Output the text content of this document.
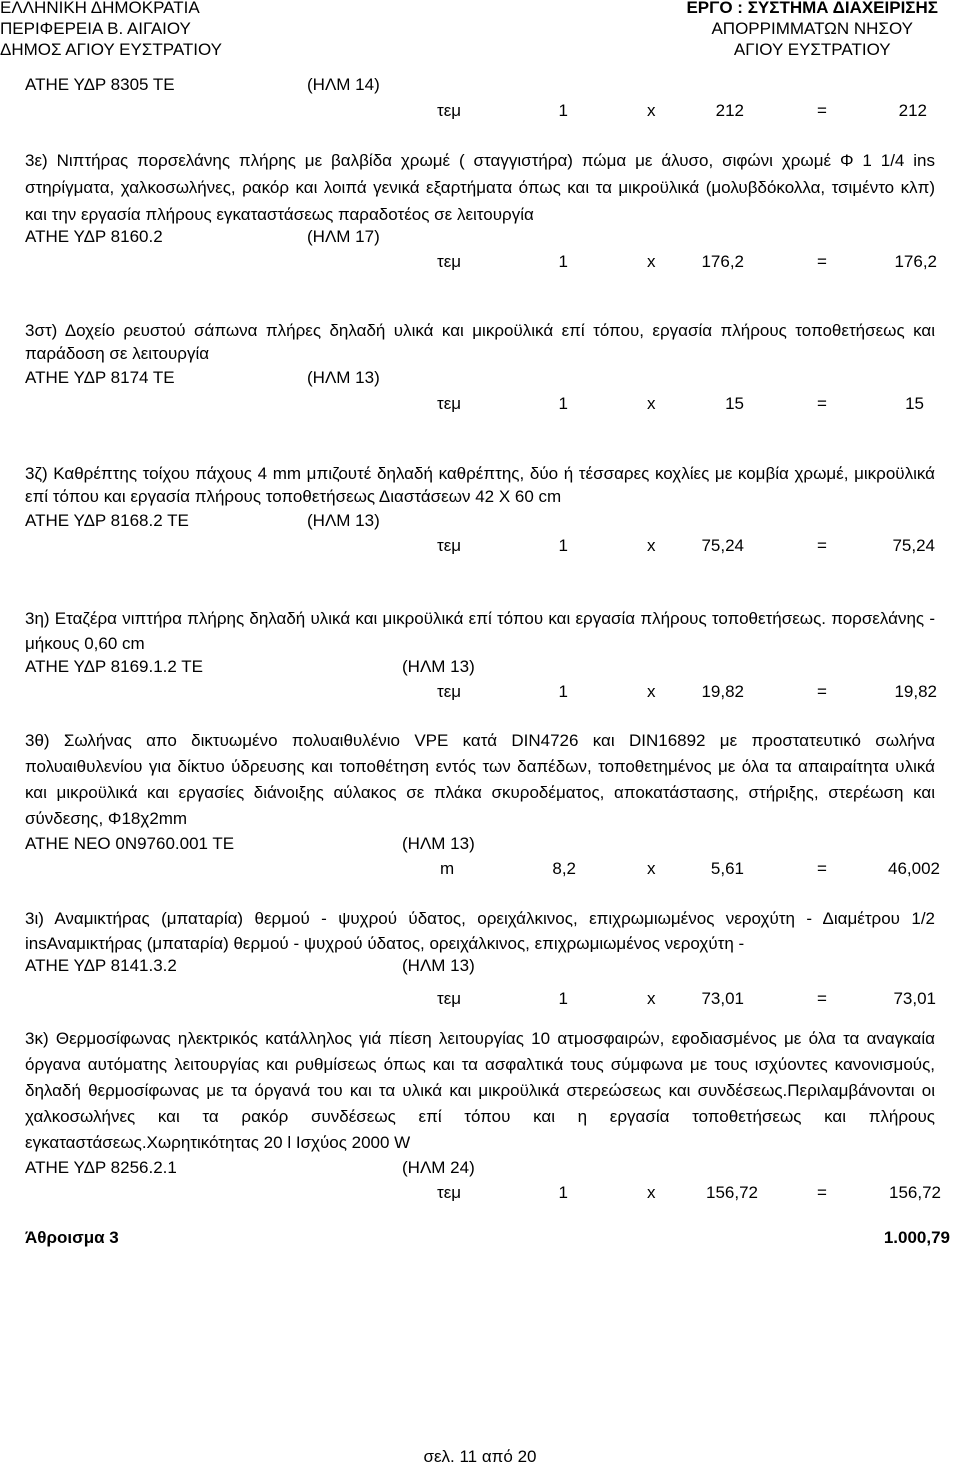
ΕΛΛΗΝΙΚΗ ΔΗΜΟΚΡΑΤΙΑ
ΠΕΡΙΦΕΡΕΙΑ Β. ΑΙΓΑΙΟΥ
ΔΗΜΟΣ ΑΓΙΟΥ ΕΥΣΤΡΑΤΙΟΥ
ΕΡΓΟ : ΣΥΣΤΗΜΑ ΔΙΑΧΕΙΡΙΣΗΣ
ΑΠΟΡΡΙΜΜΑΤΩΝ ΝΗΣΟΥ
ΑΓΙΟΥ ΕΥΣΤΡΑΤΙΟΥ
ΑΤΗΕ ΥΔΡ 8305 ΤΕ	(ΗΛΜ 14)
τεμ	1	x	212	=	212
3ε) Νιπτήρας πορσελάνης πλήρης με βαλβίδα χρωμέ ( σταγγιστήρα) πώμα με άλυσο, σιφώνι χρωμέ Φ 1 1/4 ins στηρίγματα, χαλκοσωλήνες, ρακόρ και λοιπά γενικά εξαρτήματα όπως και τα μικροϋλικά (μολυβδόκολλα, τσιμέντο κλπ) και την εργασία πλήρους εγκαταστάσεως παραδοτέος σε λειτουργία
ΑΤΗΕ ΥΔΡ 8160.2	(ΗΛΜ 17)
τεμ	1	x	176,2	=	176,2
3στ) Δοχείο ρευστού σάπωνα πλήρες δηλαδή υλικά και μικροϋλικά επί τόπου, εργασία πλήρους τοποθετήσεως και παράδοση σε λειτουργία
ΑΤΗΕ ΥΔΡ 8174 ΤΕ	(ΗΛΜ 13)
τεμ	1	x	15	=	15
3ζ) Καθρέπτης τοίχου πάχους 4 mm μπιζουτέ δηλαδή καθρέπτης, δύο ή τέσσαρες κοχλίες με κομβία χρωμέ, μικροϋλικά επί τόπου και εργασία πλήρους τοποθετήσεως Διαστάσεων 42 Χ 60 cm
ΑΤΗΕ ΥΔΡ 8168.2 ΤΕ	(ΗΛΜ 13)
τεμ	1	x	75,24	=	75,24
3η) Εταζέρα νιπτήρα πλήρης δηλαδή υλικά και μικροϋλικά επί τόπου και εργασία πλήρους τοποθετήσεως. πορσελάνης - μήκους 0,60 cm
ΑΤΗΕ ΥΔΡ 8169.1.2 ΤΕ	(ΗΛΜ 13)
τεμ	1	x	19,82	=	19,82
3θ) Σωλήνας απο δικτυωμένο πολυαιθυλένιο VPE κατά DIN4726 και DIN16892 με προστατευτικό σωλήνα πολυαιθυλενίου για δίκτυο ύδρευσης και τοποθέτηση εντός των δαπέδων, τοποθετημένος με όλα τα απαιραίτητα υλικά και μικροϋλικά και εργασίες διάνοιξης αύλακος σε πλάκα σκυροδέματος, αποκατάστασης, στήριξης, στερέωση και σύνδεσης, Φ18χ2mm
ΑΤΗΕ ΝΕΟ 0Ν9760.001 ΤΕ	(ΗΛΜ 13)
m	8,2	x	5,61	=	46,002
3ι) Αναμικτήρας (μπαταρία) θερμού - ψυχρού ύδατος, ορειχάλκινος, επιχρωμιωμένος νεροχύτη - Διαμέτρου 1/2 insΑναμικτήρας (μπαταρία) θερμού - ψυχρού ύδατος, ορειχάλκινος, επιχρωμιωμένος νεροχύτη -
ΑΤΗΕ ΥΔΡ 8141.3.2	(ΗΛΜ 13)
τεμ	1	x	73,01	=	73,01
3κ) Θερμοσίφωνας ηλεκτρικός κατάλληλος γιά πίεση λειτουργίας 10 ατμοσφαιρών, εφοδιασμένος με όλα τα αναγκαία όργανα αυτόματης λειτουργίας και ρυθμίσεως όπως και τα ασφαλτικά τους σύμφωνα με τους ισχύοντες κανονισμούς, δηλαδή θερμοσίφωνας με τα όργανά του και τα υλικά και μικροϋλικά στερεώσεως και συνδέσεως.Περιλαμβάνονται οι χαλκοσωλήνες και τα ρακόρ συνδέσεως επί τόπου και η εργασία τοποθετήσεως και πλήρους εγκαταστάσεως.Χωρητικότητας 20 l Ισχύος 2000 W
ΑΤΗΕ ΥΔΡ 8256.2.1	(ΗΛΜ 24)
τεμ	1	x	156,72	=	156,72
Άθροισμα 3	1.000,79
σελ. 11 από 20
